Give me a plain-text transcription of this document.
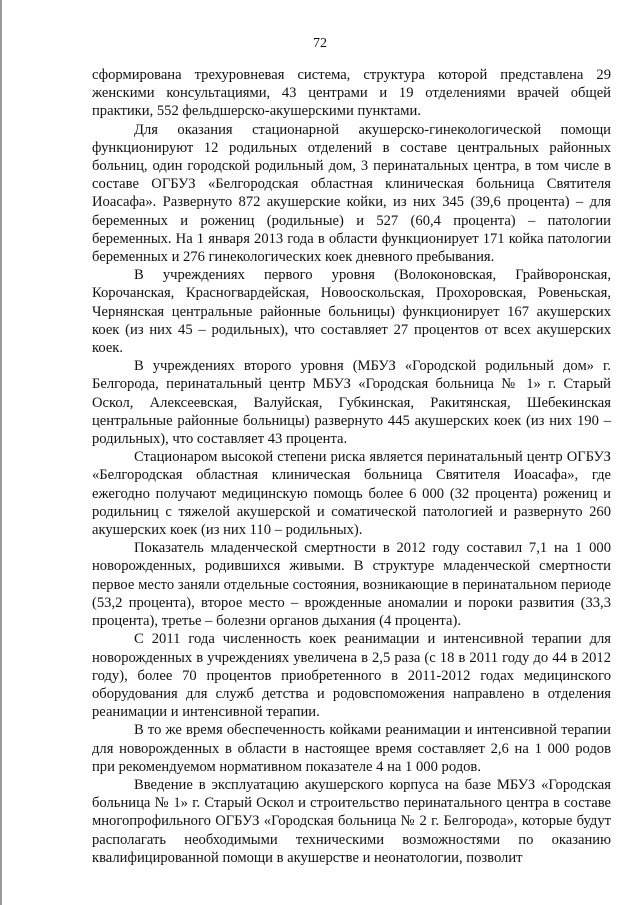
72

сформирована трехуровневая система, структура которой представлена 29 женскими консультациями, 43 центрами и 19 отделениями врачей общей практики, 552 фельдшерско-акушерскими пунктами.

Для оказания стационарной акушерско-гинекологической помощи функционируют 12 родильных отделений в составе центральных районных больниц, один городской родильный дом, 3 перинатальных центра, в том числе в составе ОГБУЗ «Белгородская областная клиническая больница Святителя Иоасафа». Развернуто 872 акушерские койки, из них 345 (39,6 процента) – для беременных и рожениц (родильные) и 527 (60,4 процента) – патологии беременных. На 1 января 2013 года в области функционирует 171 койка патологии беременных и 276 гинекологических коек дневного пребывания.

В учреждениях первого уровня (Волоконовская, Грайворонская, Корочанская, Красногвардейская, Новооскольская, Прохоровская, Ровеньская, Чернянская центральные районные больницы) функционирует 167 акушерских коек (из них 45 – родильных), что составляет 27 процентов от всех акушерских коек.

В учреждениях второго уровня (МБУЗ «Городской родильный дом» г. Белгорода, перинатальный центр МБУЗ «Городская больница № 1» г. Старый Оскол, Алексеевская, Валуйская, Губкинская, Ракитянская, Шебекинская центральные районные больницы) развернуто 445 акушерских коек (из них 190 –родильных), что составляет 43 процента.

Стационаром высокой степени риска является перинатальный центр ОГБУЗ «Белгородская областная клиническая больница Святителя Иоасафа», где ежегодно получают медицинскую помощь более 6 000 (32 процента) рожениц и родильниц с тяжелой акушерской и соматической патологией и развернуто 260 акушерских коек (из них 110 – родильных).

Показатель младенческой смертности в 2012 году составил 7,1 на 1 000 новорожденных, родившихся живыми. В структуре младенческой смертности первое место заняли отдельные состояния, возникающие в перинатальном периоде (53,2 процента), второе место – врожденные аномалии и пороки развития (33,3 процента), третье – болезни органов дыхания (4 процента).

С 2011 года численность коек реанимации и интенсивной терапии для новорожденных в учреждениях увеличена в 2,5 раза (с 18 в 2011 году до 44 в 2012 году), более 70 процентов приобретенного в 2011-2012 годах медицинского оборудования для служб детства и родовспоможения направлено в отделения реанимации и интенсивной терапии.

В то же время обеспеченность койками реанимации и интенсивной терапии для новорожденных в области в настоящее время составляет 2,6 на 1 000 родов при рекомендуемом нормативном показателе 4 на 1 000 родов.

Введение в эксплуатацию акушерского корпуса на базе МБУЗ «Городская больница № 1» г. Старый Оскол и строительство перинатального центра в составе многопрофильного ОГБУЗ «Городская больница № 2 г. Белгорода», которые будут располагать необходимыми техническими возможностями по оказанию квалифицированной помощи в акушерстве и неонатологии, позволит
